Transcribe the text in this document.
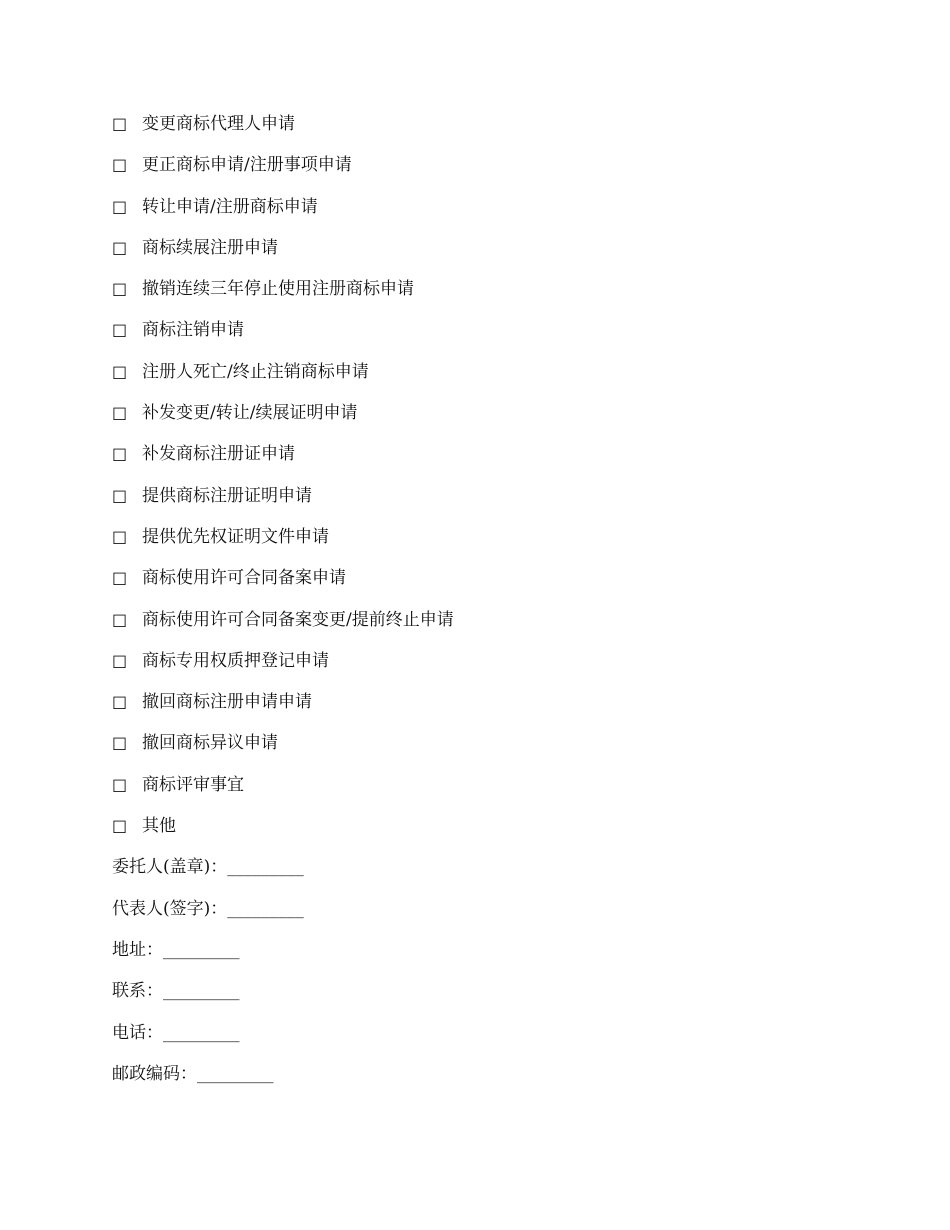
□ 变更商标代理人申请
□ 更正商标申请/注册事项申请
□ 转让申请/注册商标申请
□ 商标续展注册申请
□ 撤销连续三年停止使用注册商标申请
□ 商标注销申请
□ 注册人死亡/终止注销商标申请
□ 补发变更/转让/续展证明申请
□ 补发商标注册证申请
□ 提供商标注册证明申请
□ 提供优先权证明文件申请
□ 商标使用许可合同备案申请
□ 商标使用许可合同备案变更/提前终止申请
□ 商标专用权质押登记申请
□ 撤回商标注册申请申请
□ 撤回商标异议申请
□ 商标评审事宜
□ 其他
委托人(盖章)： _________
代表人(签字)： _________
地址： _________
联系： _________
电话： _________
邮政编码： _________
